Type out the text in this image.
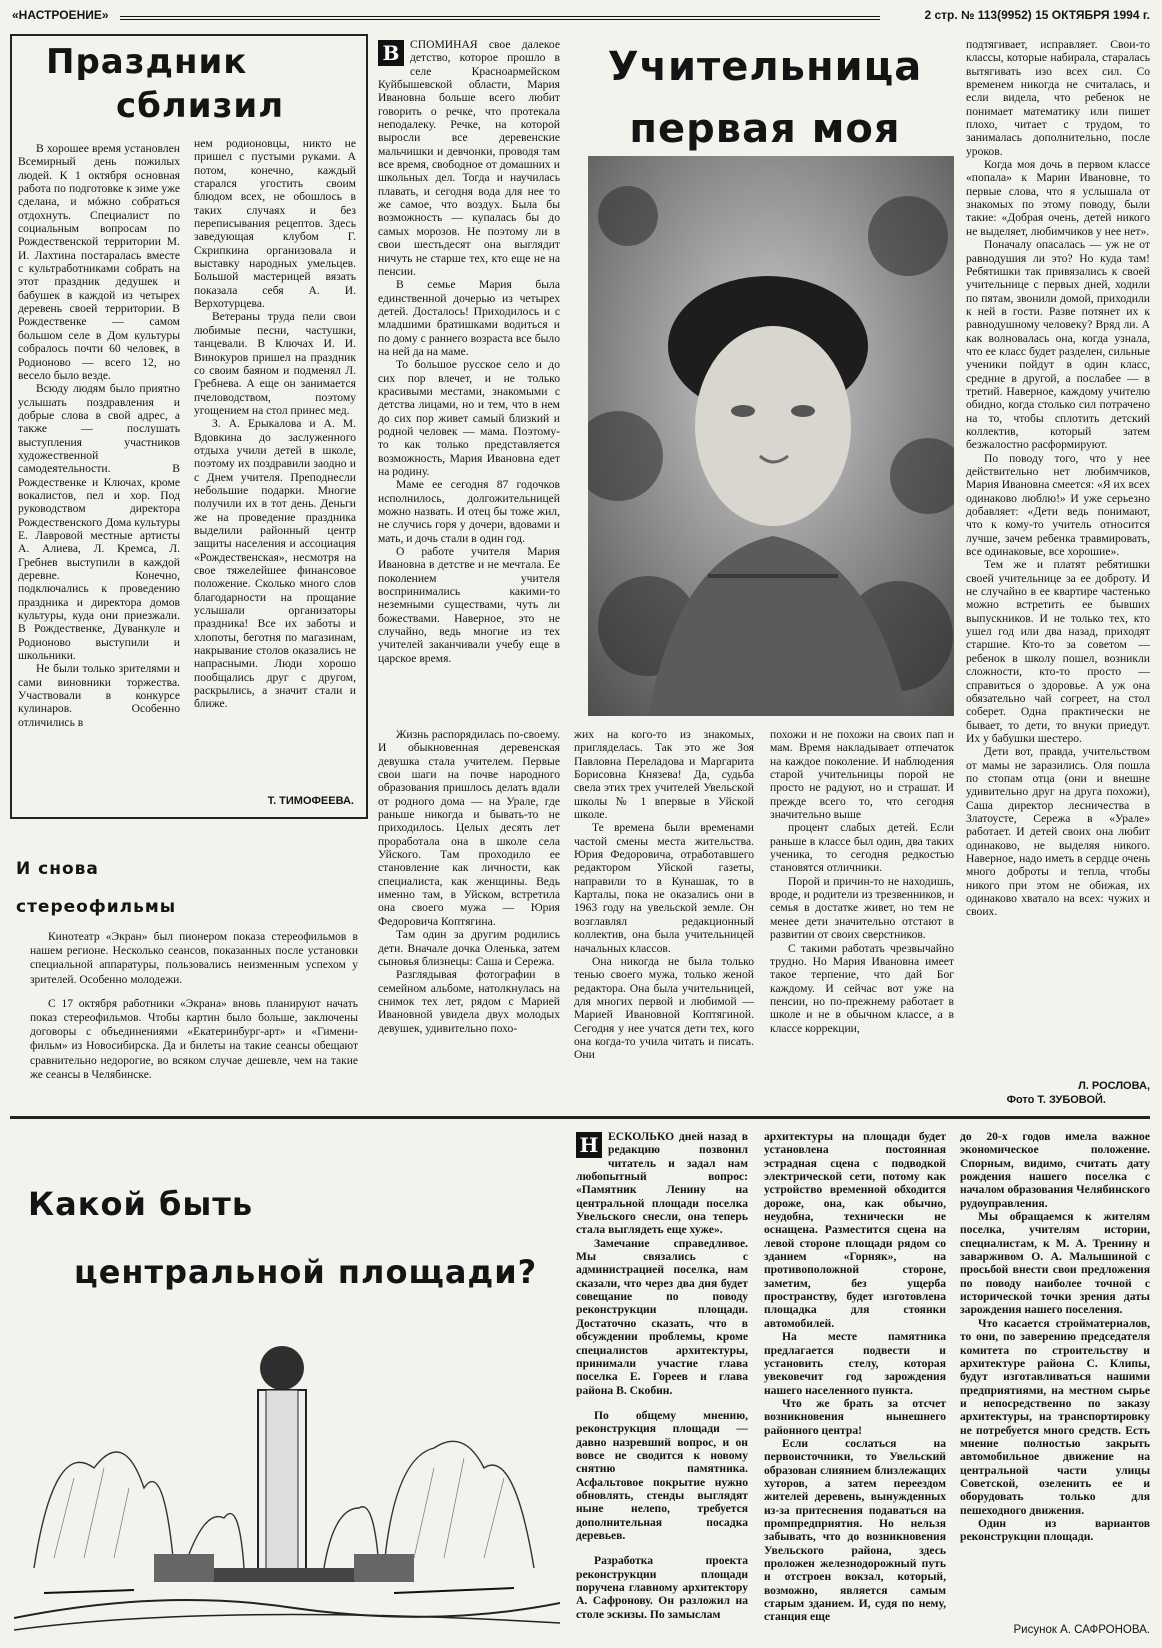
«НАСТРОЕНИЕ»	2 стр. № 113(9952) 15 ОКТЯБРЯ 1994 г.
Праздник
сблизил

В хорошее время установлен Всемирный день пожилых людей. К 1 октября основная работа по подготовке к зиме уже сделана, и мóжно собраться отдохнуть. Специалист по социальным вопросам по Рождественской территории М. И. Лахтина постаралась вместе с культработниками собрать на этот праздник дедушек и бабушек в каждой из четырех деревень своей территории. В Рождественке — самом большом селе в Дом культуры собралось почти 60 человек, в Родионово — всего 12, но весело было везде.

Всюду людям было приятно услышать поздравления и добрые слова в свой адрес, а также — послушать выступления участников художественной самодеятельности. В Рождественке и Ключах, кроме вокалистов, пел и хор. Под руководством директора Рождественского Дома культуры Е. Лавровой местные артисты А. Алиева, Л. Кремса, Л. Гребнев выступили в каждой деревне. Конечно, подключались к проведению праздника и директора домов культуры, куда они приезжали. В Рождественке, Дуванкуле и Родионово выступили и школьники.

Не были только зрителями и сами виновники торжества. Участвовали в конкурсе кулинаров. Особенно отличились в

нем родионовцы, никто не пришел с пустыми руками. А потом, конечно, каждый старался угостить своим блюдом всех, не обошлось в таких случаях и без переписывания рецептов. Здесь заведующая клубом Г. Скрипкина организовала и выставку народных умельцев. Большой мастерицей вязать показала себя А. И. Верхотурцева.

Ветераны труда пели свои любимые песни, частушки, танцевали. В Ключах И. И. Винокуров пришел на праздник со своим баяном и подменял Л. Гребнева. А еще он занимается пчеловодством, поэтому угощением на стол принес мед.

З. А. Ерыкалова и А. М. Вдовкина до заслуженного отдыха учили детей в школе, поэтому их поздравили заодно и с Днем учителя. Преподнесли небольшие подарки. Многие получили их в тот день. Деньги же на проведение праздника выделили районный центр защиты населения и ассоциация «Рождественская», несмотря на свое тяжелейшее финансовое положение. Сколько много слов благодарности на прощание услышали организаторы праздника! Все их заботы и хлопоты, беготня по магазинам, накрывание столов оказались не напрасными. Люди хорошо пообщались друг с другом, раскрылись, а значит стали и ближе.

Т. ТИМОФЕЕВА.
И снова
стереофильмы

Кинотеатр «Экран» был пионером показа стереофильмов в нашем регионе. Несколько сеансов, показанных после установки специальной аппаратуры, пользовались неизменным успехом у зрителей. Особенно молодежи.

С 17 октября работники «Экрана» вновь планируют начать показ стереофильмов. Чтобы картин было больше, заключены договоры с объединениями «Екатеринбург-арт» и «Гимени-фильм» из Новосибирска. Да и билеты на такие сеансы обещают сравнительно недорогие, во всяком случае дешевле, чем на такие же сеансы в Челябинске.

В СПОМИНАЯ свое далекое детство, которое прошло в селе Красноармейском Куйбышевской области, Мария Ивановна больше всего любит говорить о речке, что протекала неподалеку. Речке, на которой выросли все деревенские мальчишки и девчонки, проводя там все время, свободное от домашних и школьных дел. Тогда и научилась плавать, и сегодня вода для нее то же самое, что воздух. Была бы возможность — купалась бы до самых морозов. Не поэтому ли в свои шестьдесят она выглядит ничуть не старше тех, кто еще не на пенсии.

В семье Мария была единственной дочерью из четырех детей. Досталось! Приходилось и с младшими братишками водиться и по дому с раннего возраста все было на ней да на маме.

То большое русское село и до сих пор влечет, и не только красивыми местами, знакомыми с детства лицами, но и тем, что в нем до сих пор живет самый близкий и родной человек — мама. Поэтому-то как только представляется возможность, Мария Ивановна едет на родину.

Маме ее сегодня 87 годочков исполнилось, долгожительницей можно назвать. И отец бы тоже жил, не случись горя у дочери, вдовами и мать, и дочь стали в один год.

О работе учителя Мария Ивановна в детстве и не мечтала. Ее поколением учителя воспринимались какими-то неземными существами, чуть ли божествами. Наверное, это не случайно, ведь многие из тех учителей заканчивали учебу еще в царское время.

Жизнь распорядилась по-своему. И обыкновенная деревенская девушка стала учителем. Первые свои шаги на почве народного образования пришлось делать вдали от родного дома — на Урале, где раньше никогда и бывать-то не приходилось. Целых десять лет проработала она в школе села Уйского. Там проходило ее становление как личности, как специалиста, как женщины. Ведь именно там, в Уйском, встретила она своего мужа — Юрия Федоровича Коптягина.

Там один за другим родились дети. Вначале дочка Оленька, затем сыновья близнецы: Саша и Сережа.

Разглядывая фотографии в семейном альбоме, натолкнулась на снимок тех лет, рядом с Марией Ивановной увидела двух молодых девушек, удивительно похо-

Учительница
первая моя

жих на кого-то из знакомых, пригляделась. Так это же Зоя Павловна Переладова и Маргарита Борисовна Князева! Да, судьба свела этих трех учителей Увельской школы № 1 впервые в Уйской школе.

Те времена были временами частой смены места жительства. Юрия Федоровича, отработавшего редактором Уйской газеты, направили то в Кунашак, то в Карталы, пока не оказались они в 1963 году на увельской земле. Он возглавлял редакционный коллектив, она была учительницей начальных классов.

Она никогда не была только тенью своего мужа, только женой редактора. Она была учительницей, для многих первой и любимой — Марией Ивановной Коптягиной. Сегодня у нее учатся дети тех, кого она когда-то учила читать и писать. Они

похожи и не похожи на своих пап и мам. Время накладывает отпечаток на каждое поколение. И наблюдения старой учительницы порой не просто не радуют, но и страшат. И прежде всего то, что сегодня значительно выше

процент слабых детей. Если раньше в классе был один, два таких ученика, то сегодня редкостью становятся отличники.

Порой и причин-то не находишь, вроде, и родители из трезвенников, и семья в достатке живет, но тем не менее дети значительно отстают в развитии от своих сверстников.

С такими работать чрезвычайно трудно. Но Мария Ивановна имеет такое терпение, что дай Бог каждому. И сейчас вот уже на пенсии, но по-прежнему работает в школе и не в обычном классе, а в классе коррекции,

подтягивает, исправляет. Свои-то классы, которые набирала, старалась вытягивать изо всех сил. Со временем никогда не считалась, и если видела, что ребенок не понимает математику или пишет плохо, читает с трудом, то занималась дополнительно, после уроков.

Когда моя дочь в первом классе «попала» к Марии Ивановне, то первые слова, что я услышала от знакомых по этому поводу, были такие: «Добрая очень, детей никого не выделяет, любимчиков у нее нет».

Поначалу опасалась — уж не от равнодушия ли это? Но куда там! Ребятишки так привязались к своей учительнице с первых дней, ходили по пятам, звонили домой, приходили к ней в гости. Разве потянет их к равнодушному человеку? Вряд ли. А как волновалась она, когда узнала, что ее класс будет разделен, сильные ученики пойдут в один класс, средние в другой, а послабее — в третий. Наверное, каждому учителю обидно, когда столько сил потрачено на то, чтобы сплотить детский коллектив, который затем безжалостно расформируют.

По поводу того, что у нее действительно нет любимчиков, Мария Ивановна смеется: «Я их всех одинаково люблю!» И уже серьезно добавляет: «Дети ведь понимают, что к кому-то учитель относится лучше, зачем ребенка травмировать, все одинаковые, все хорошие».

Тем же и платят ребятишки своей учительнице за ее доброту. И не случайно в ее квартире частенько можно встретить ее бывших выпускников. И не только тех, кто ушел год или два назад, приходят старшие. Кто-то за советом — ребенок в школу пошел, возникли сложности, кто-то просто — справиться о здоровье. А уж она обязательно чай согреет, на стол соберет. Одна практически не бывает, то дети, то внуки приедут. Их у бабушки шестеро.

Дети вот, правда, учительством от мамы не заразились. Оля пошла по стопам отца (они и внешне удивительно друг на друга похожи), Саша директор лесничества в Златоусте, Сережа в «Урале» работает. И детей своих она любит одинаково, не выделяя никого. Наверное, надо иметь в сердце очень много доброты и тепла, чтобы никого при этом не обижая, их одинаково хватало на всех: чужих и своих.

Л. РОСЛОВА,
Фото Т. ЗУБОВОЙ.
Какой быть
центральной площади?
Н ЕСКОЛЬКО дней назад в редакцию позвонил читатель и задал нам любопытный вопрос: «Памятник Ленину на центральной площади поселка Увельского снесли, она теперь стала выглядеть еще хуже».

Замечание справедливое. Мы связались с администрацией поселка, нам сказали, что через два дня будет совещание по поводу реконструкции площади. Достаточно сказать, что в обсуждении проблемы, кроме специалистов архитектуры, принимали участие глава поселка Е. Гореев и глава района В. Скобин.

По общему мнению, реконструкция площади — давно назревший вопрос, и он вовсе не сводится к новому снятию памятника. Асфальтовое покрытие нужно обновлять, стенды выглядят ныне нелепо, требуется дополнительная посадка деревьев.

Разработка проекта реконструкции площади поручена главному архитектору А. Сафронову. Он разложил на столе эскизы. По замыслам

архитектуры на площади будет установлена постоянная эстрадная сцена с подводкой электрической сети, потому как устройство временной обходится дороже, она, как обычно, неудобна, технически не оснащена. Разместится сцена на левой стороне площади рядом со зданием «Горняк», на противоположной стороне, заметим, без ущерба пространству, будет изготовлена площадка для стоянки автомобилей.

На месте памятника предлагается подвести и установить стелу, которая увековечит год зарождения нашего населенного пункта.

Что же брать за отсчет возникновения нынешнего районного центра!

Если сослаться на первоисточники, то Увельский образован слиянием близлежащих хуторов, а затем переездом жителей деревень, вынужденных из-за притеснения подаваться на промпредприятия. Но нельзя забывать, что до возникновения Увельского района, здесь проложен железнодорожный путь и отстроен вокзал, который, возможно, является самым старым зданием. И, судя по нему, станция еще

до 20-х годов имела важное экономическое положение. Спорным, видимо, считать дату рождения нашего поселка с началом образования Челябинского рудоуправления.

Мы обращаемся к жителям поселка, учителям истории, специалистам, к М. А. Тренину и заварживом О. А. Малышиной с просьбой внести свои предложения по поводу наиболее точной с исторической точки зрения даты зарождения нашего поселения.

Что касается стройматериалов, то они, по заверению председателя комитета по строительству и архитектуре района С. Клипы, будут изготавливаться нашими предприятиями, на местном сырье и непосредственно по заказу архитектуры, на транспортировку не потребуется много средств. Есть мнение полностью закрыть автомобильное движение на центральной части улицы Советской, озеленить ее и оборудовать только для пешеходного движения.

Один из вариантов реконструкции площади.

Рисунок А. САФРОНОВА.
